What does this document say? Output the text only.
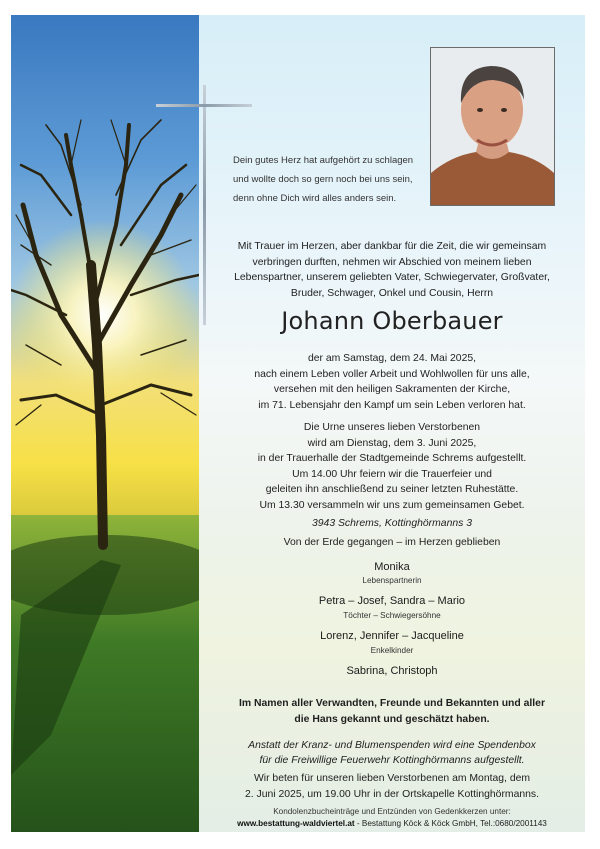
Dein gutes Herz hat aufgehört zu schlagen
und wollte doch so gern noch bei uns sein,
denn ohne Dich wird alles anders sein.
Mit Trauer im Herzen, aber dankbar für die Zeit, die wir gemeinsam
verbringen durften, nehmen wir Abschied von meinem lieben
Lebenspartner, unserem geliebten Vater, Schwiegervater, Großvater,
Bruder, Schwager, Onkel und Cousin, Herrn
Johann Oberbauer
der am Samstag, dem 24. Mai 2025,
nach einem Leben voller Arbeit und Wohlwollen für uns alle,
versehen mit den heiligen Sakramenten der Kirche,
im 71. Lebensjahr den Kampf um sein Leben verloren hat.
Die Urne unseres lieben Verstorbenen
wird am Dienstag, dem 3. Juni 2025,
in der Trauerhalle der Stadtgemeinde Schrems aufgestellt.
Um 14.00 Uhr feiern wir die Trauerfeier und
geleiten ihn anschließend zu seiner letzten Ruhestätte.
Um 13.30 versammeln wir uns zum gemeinsamen Gebet.
3943 Schrems, Kottinghörmanns 3
Von der Erde gegangen – im Herzen geblieben
Monika
Lebenspartnerin
Petra – Josef, Sandra – Mario
Töchter – Schwiegersöhne
Lorenz, Jennifer – Jacqueline
Enkelkinder
Sabrina, Christoph
Im Namen aller Verwandten, Freunde und Bekannten und aller
die Hans gekannt und geschätzt haben.
Anstatt der Kranz- und Blumenspenden wird eine Spendenbox
für die Freiwillige Feuerwehr Kottinghörmanns aufgestellt.
Wir beten für unseren lieben Verstorbenen am Montag, dem
2. Juni 2025, um 19.00 Uhr in der Ortskapelle Kottinghörmanns.
Kondolenzbucheinträge und Entzünden von Gedenkkerzen unter:
www.bestattung-waldviertel.at - Bestattung Köck & Köck GmbH, Tel.:0680/2001143
